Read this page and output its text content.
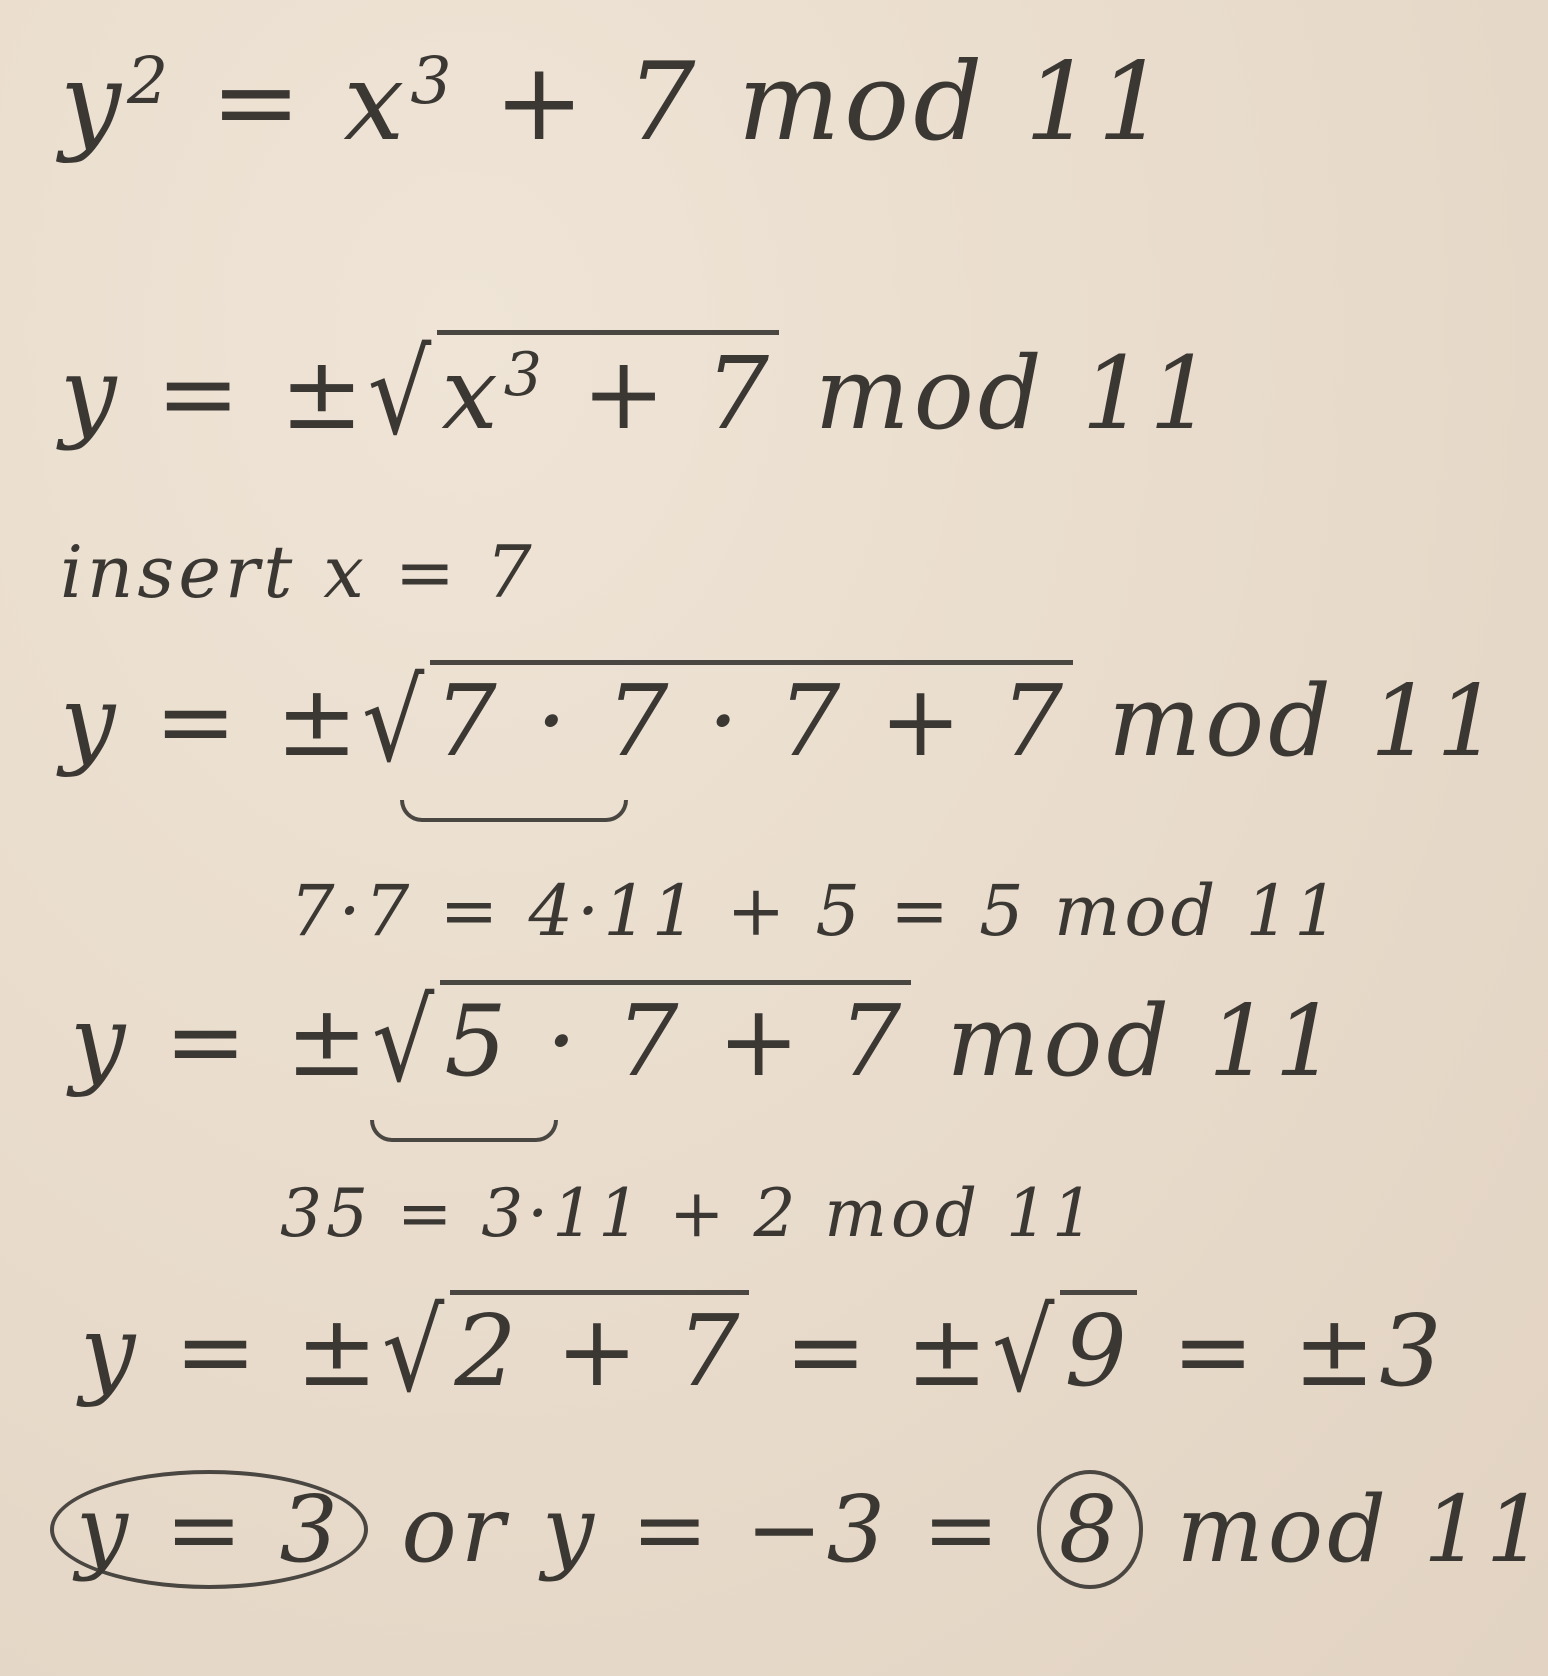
$y^2 = x^3 + 7$ mod 11
$y = \pm√x^3 + 7$ mod 11
insert x = 7
y = ±√7 · 7 · 7 + 7 mod 11
7·7 = 4·11 + 5 = 5 mod 11
y = ±√5 · 7 + 7 mod 11
35 = 3·11 + 2 mod 11
y = ±√2 + 7 = ±√9 = ±3
y = 3 or y = −3 = 8 mod 11
